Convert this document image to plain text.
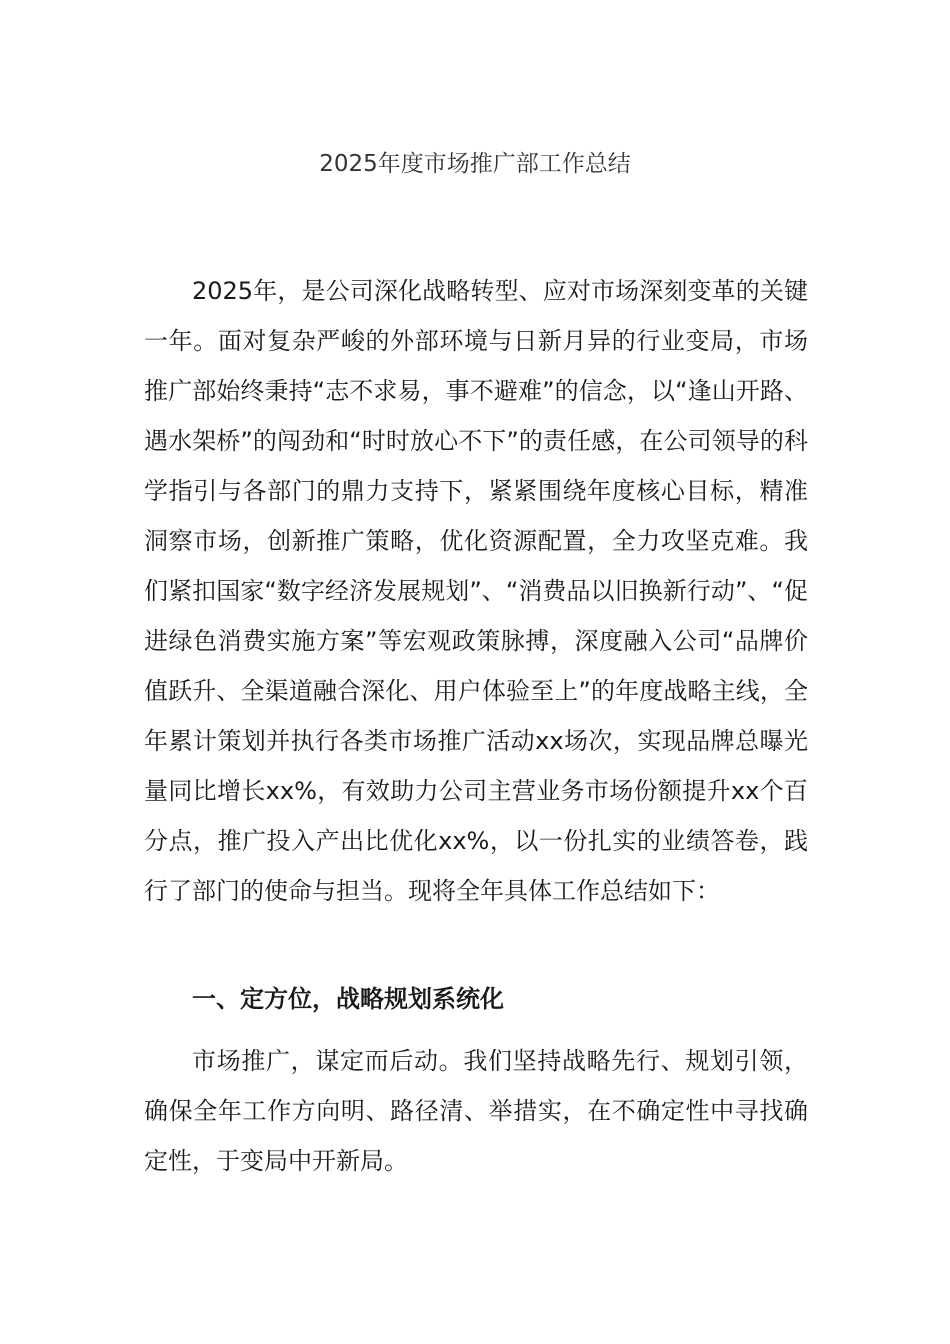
2025年度市场推广部工作总结

2025年，是公司深化战略转型、应对市场深刻变革的关键一年。面对复杂严峻的外部环境与日新月异的行业变局，市场推广部始终秉持“志不求易，事不避难”的信念，以“逢山开路、遇水架桥”的闯劲和“时时放心不下”的责任感，在公司领导的科学指引与各部门的鼎力支持下，紧紧围绕年度核心目标，精准洞察市场，创新推广策略，优化资源配置，全力攻坚克难。我们紧扣国家“数字经济发展规划”、“消费品以旧换新行动”、“促进绿色消费实施方案”等宏观政策脉搏，深度融入公司“品牌价值跃升、全渠道融合深化、用户体验至上”的年度战略主线，全年累计策划并执行各类市场推广活动xx场次，实现品牌总曝光量同比增长xx%，有效助力公司主营业务市场份额提升xx个百分点，推广投入产出比优化xx%，以一份扎实的业绩答卷，践行了部门的使命与担当。现将全年具体工作总结如下：

一、定方位，战略规划系统化

市场推广，谋定而后动。我们坚持战略先行、规划引领，确保全年工作方向明、路径清、举措实，在不确定性中寻找确定性，于变局中开新局。
